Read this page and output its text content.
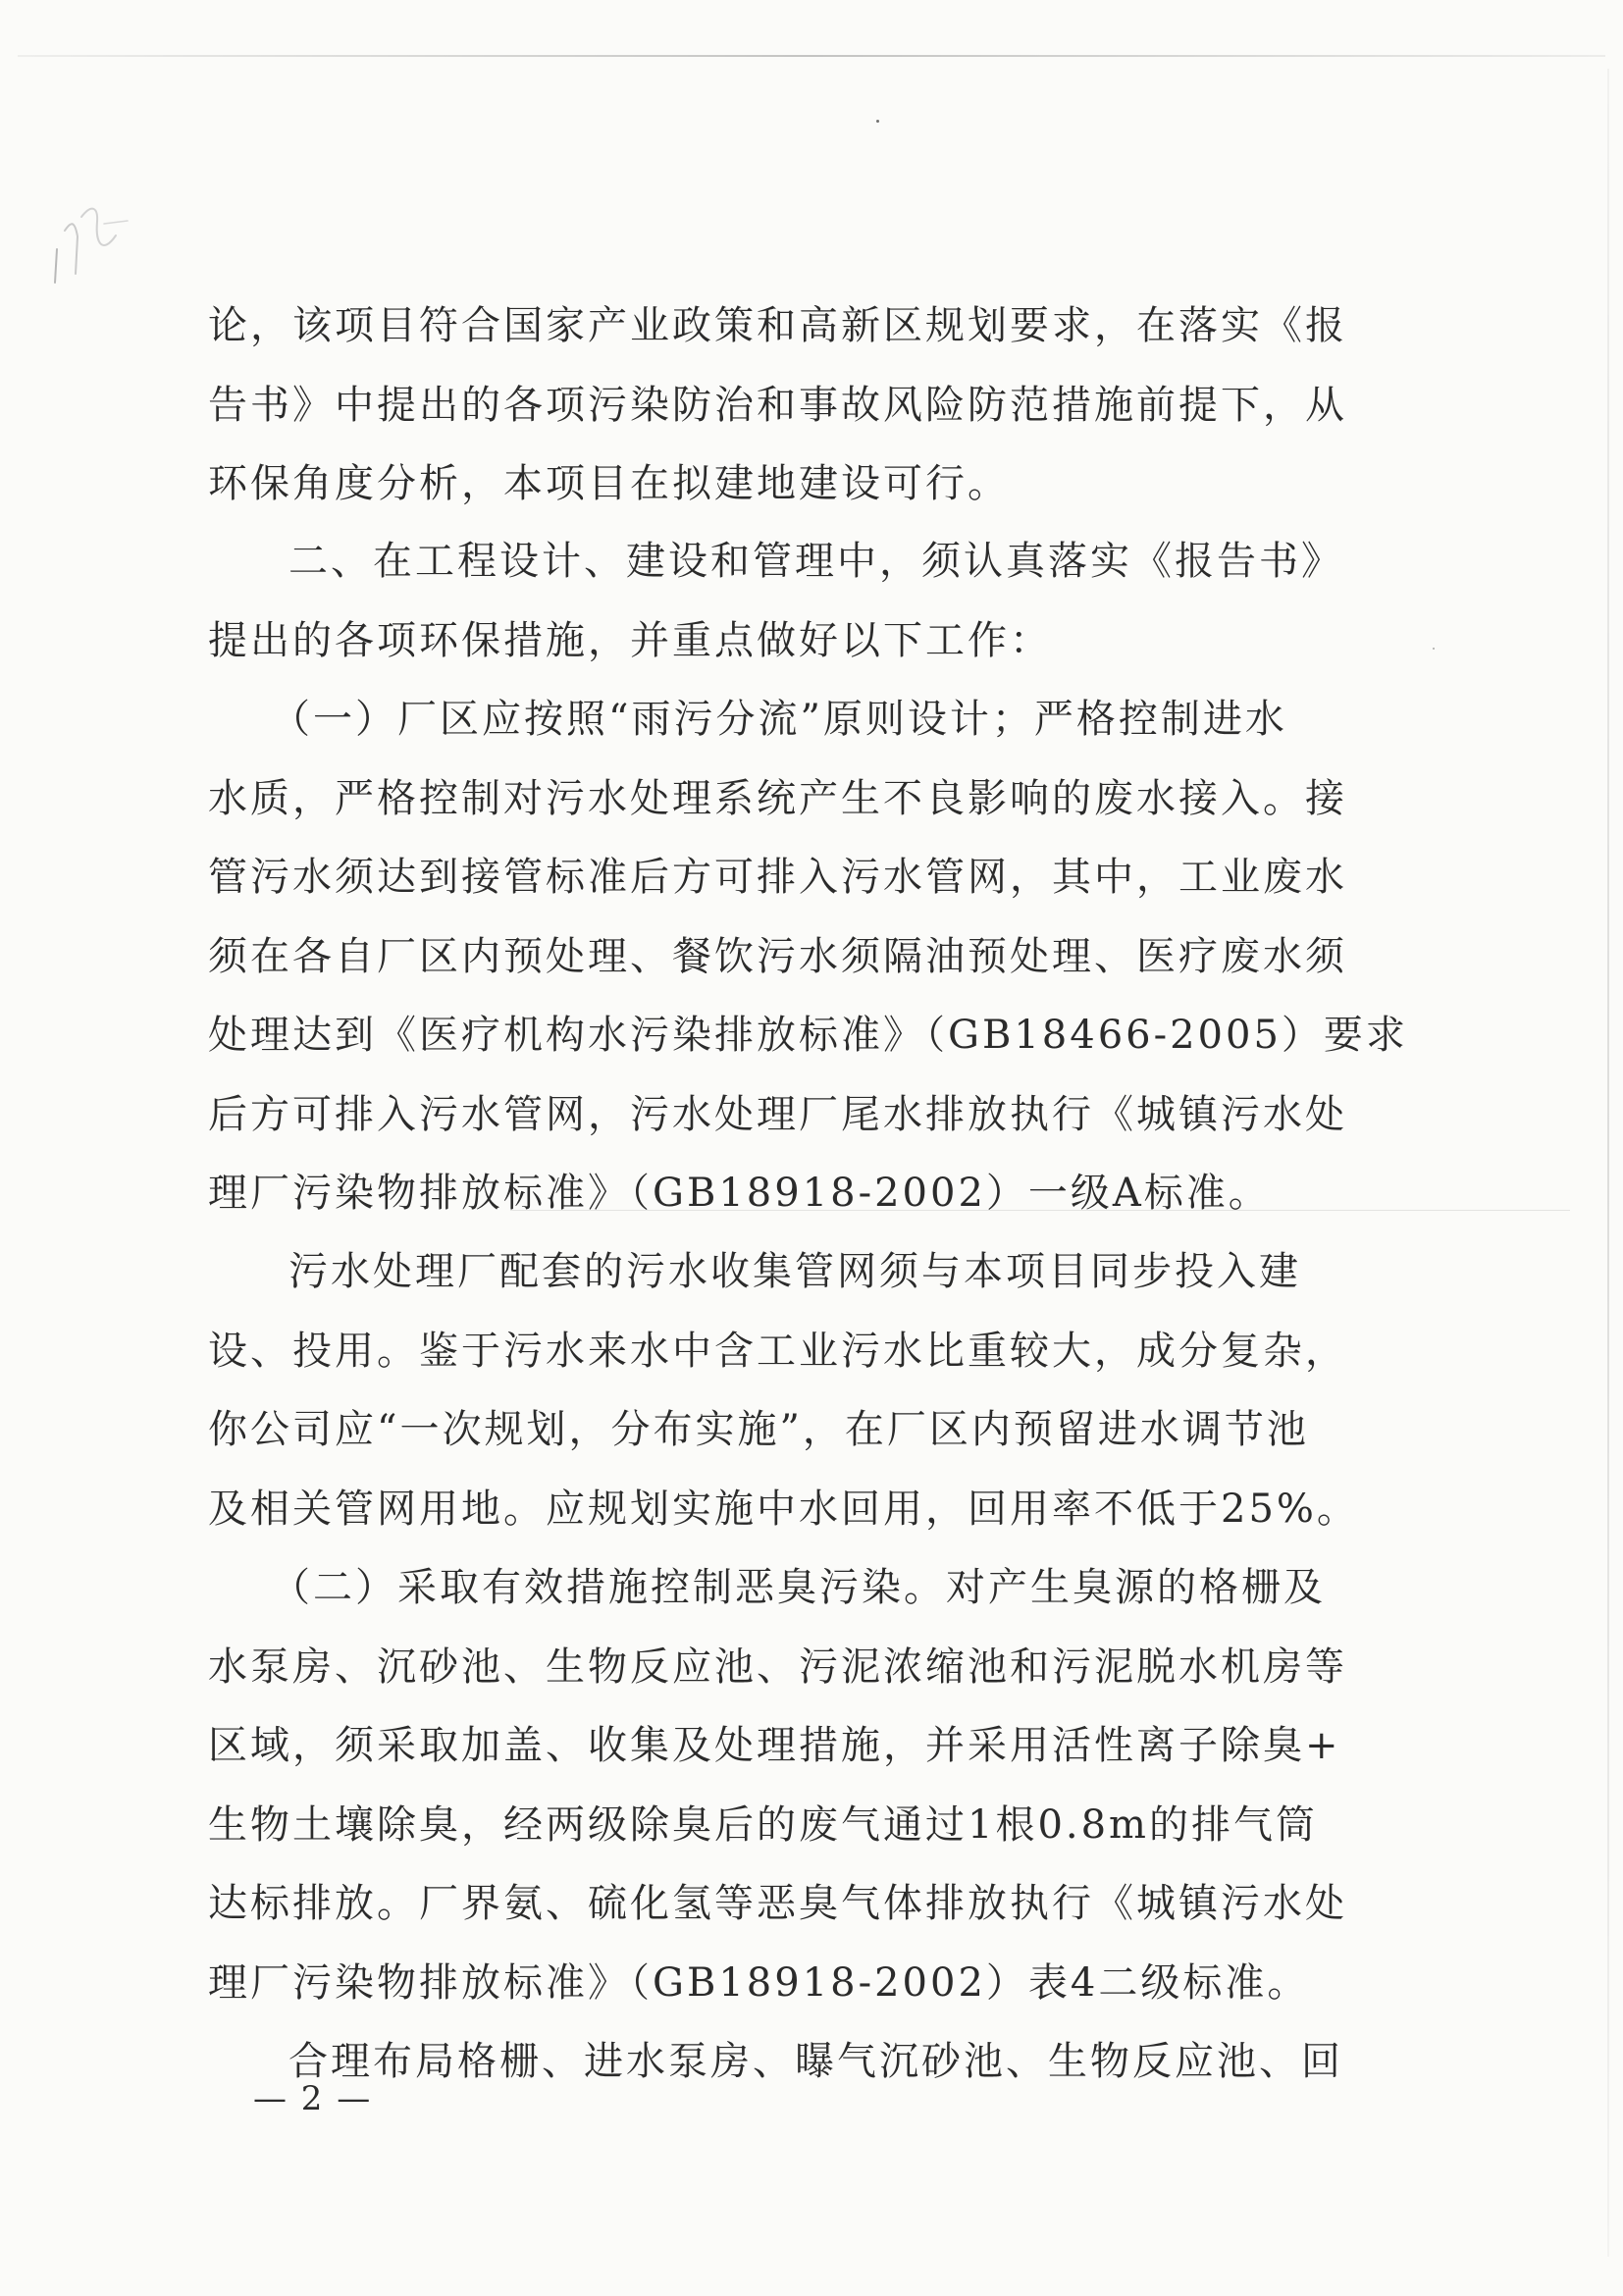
论，该项目符合国家产业政策和高新区规划要求，在落实《报
告书》中提出的各项污染防治和事故风险防范措施前提下，从
环保角度分析，本项目在拟建地建设可行。
二、在工程设计、建设和管理中，须认真落实《报告书》
提出的各项环保措施，并重点做好以下工作：
（一）厂区应按照“雨污分流”原则设计；严格控制进水
水质，严格控制对污水处理系统产生不良影响的废水接入。接
管污水须达到接管标准后方可排入污水管网，其中，工业废水
须在各自厂区内预处理、餐饮污水须隔油预处理、医疗废水须
处理达到《医疗机构水污染排放标准》（GB18466-2005）要求
后方可排入污水管网，污水处理厂尾水排放执行《城镇污水处
理厂污染物排放标准》（GB18918-2002）一级A标准。
污水处理厂配套的污水收集管网须与本项目同步投入建
设、投用。鉴于污水来水中含工业污水比重较大，成分复杂，
你公司应“一次规划，分布实施”，在厂区内预留进水调节池
及相关管网用地。应规划实施中水回用，回用率不低于25%。
（二）采取有效措施控制恶臭污染。对产生臭源的格栅及
水泵房、沉砂池、生物反应池、污泥浓缩池和污泥脱水机房等
区域，须采取加盖、收集及处理措施，并采用活性离子除臭+
生物土壤除臭，经两级除臭后的废气通过1根0.8m的排气筒
达标排放。厂界氨、硫化氢等恶臭气体排放执行《城镇污水处
理厂污染物排放标准》（GB18918-2002）表4二级标准。
合理布局格栅、进水泵房、曝气沉砂池、生物反应池、回
— 2 —
